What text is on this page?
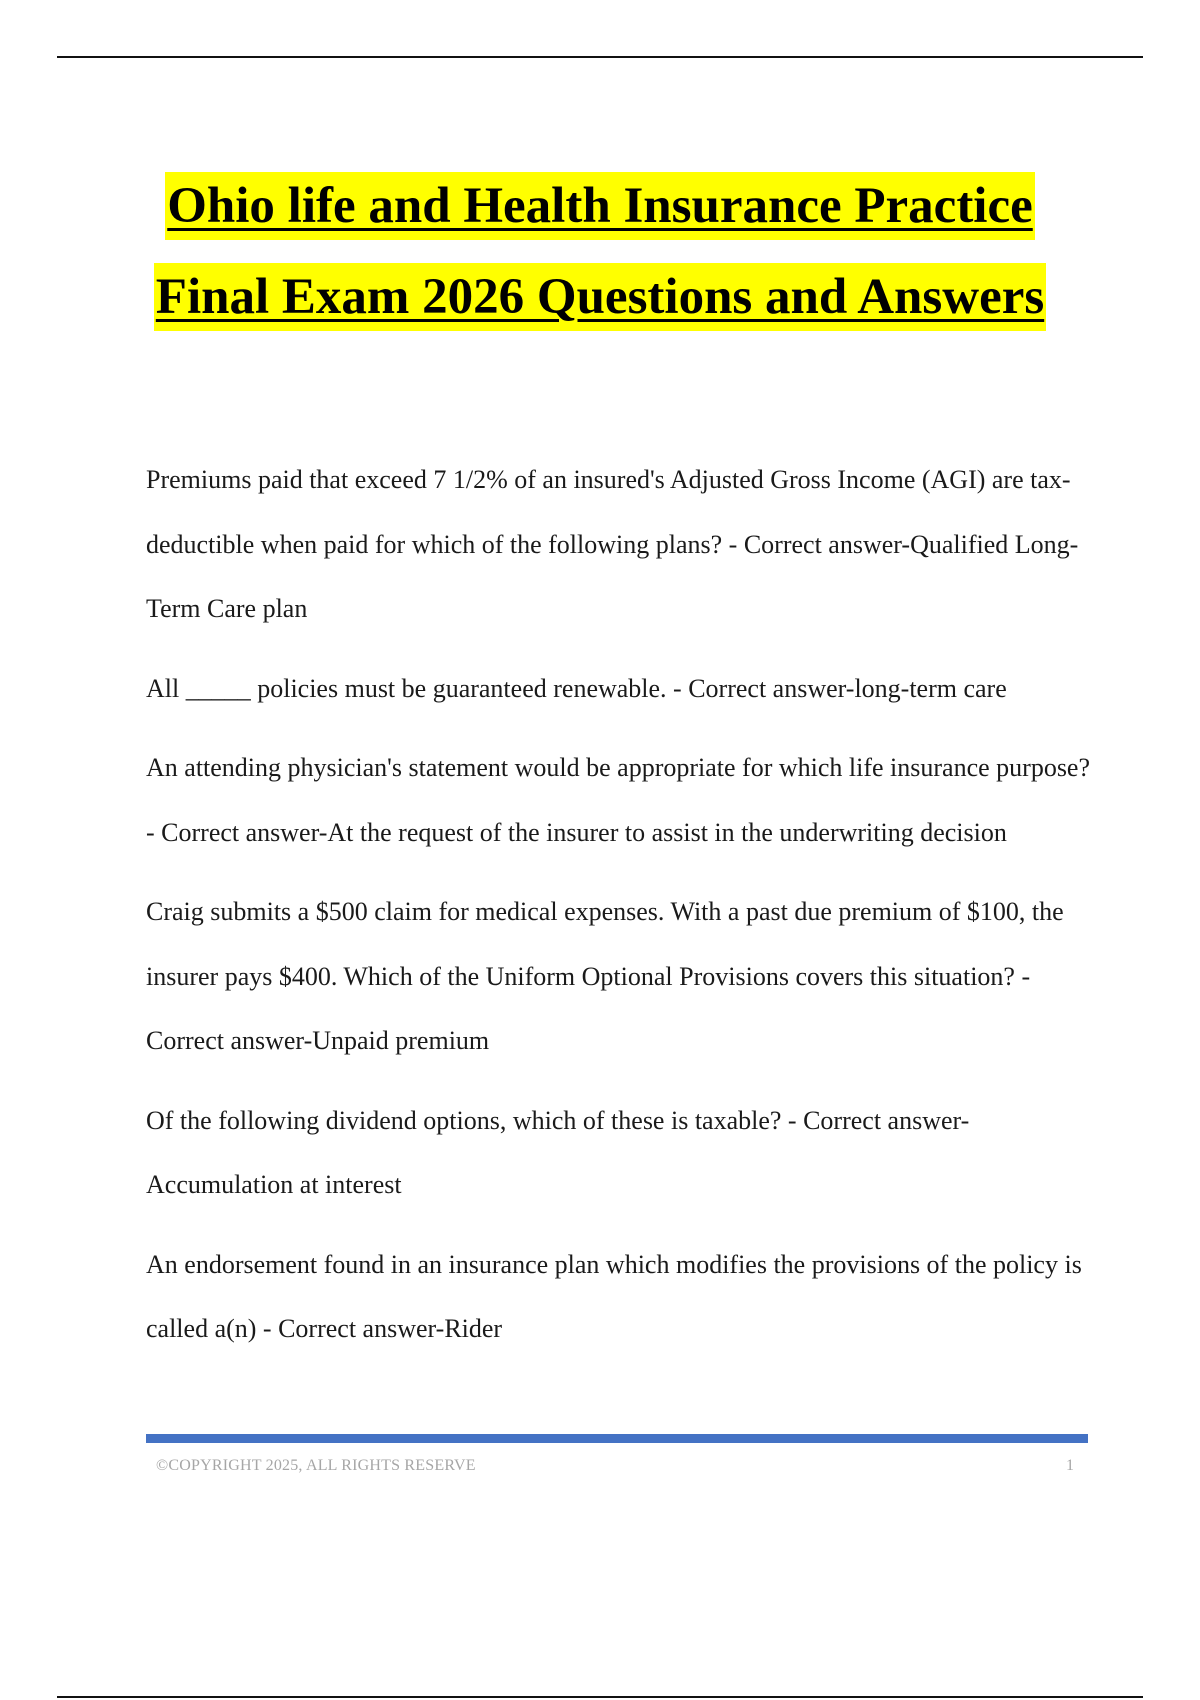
Ohio life and Health Insurance Practice
Final Exam 2026 Questions and Answers

Premiums paid that exceed 7 1/2% of an insured's Adjusted Gross Income (AGI) are tax-deductible when paid for which of the following plans? - Correct answer-Qualified Long-Term Care plan

All _____ policies must be guaranteed renewable. - Correct answer-long-term care

An attending physician's statement would be appropriate for which life insurance purpose? - Correct answer-At the request of the insurer to assist in the underwriting decision

Craig submits a $500 claim for medical expenses. With a past due premium of $100, the insurer pays $400. Which of the Uniform Optional Provisions covers this situation? - Correct answer-Unpaid premium

Of the following dividend options, which of these is taxable? - Correct answer-Accumulation at interest

An endorsement found in an insurance plan which modifies the provisions of the policy is called a(n) - Correct answer-Rider

©COPYRIGHT 2025, ALL RIGHTS RESERVE	1
